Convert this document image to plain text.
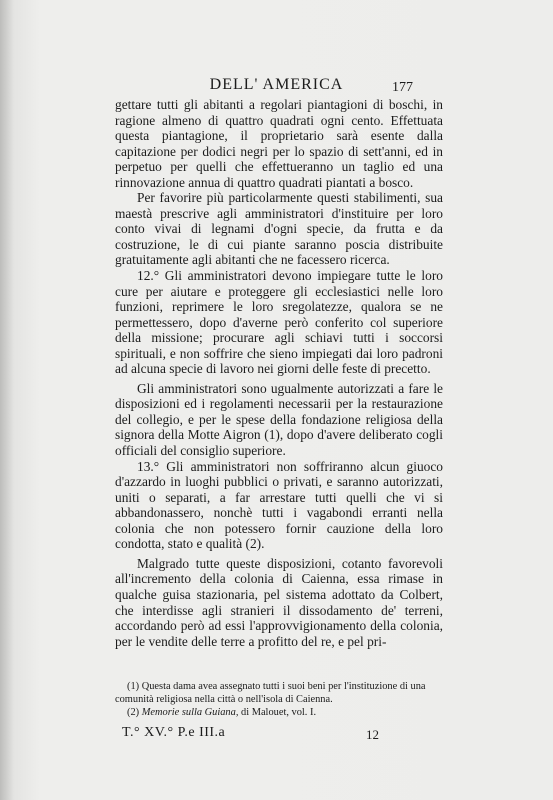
DELL' AMERICA	177

gettare tutti gli abitanti a regolari piantagioni di boschi, in ragione almeno di quattro quadrati ogni cento. Effettuata questa piantagione, il proprietario sarà esente dalla capitazione per dodici negri per lo spazio di sett'anni, ed in perpetuo per quelli che effettueranno un taglio ed una rinnovazione annua di quattro quadrati piantati a bosco.

Per favorire più particolarmente questi stabilimenti, sua maestà prescrive agli amministratori d'instituire per loro conto vivai di legnami d'ogni specie, da frutta e da costruzione, le di cui piante saranno poscia distribuite gratuitamente agli abitanti che ne facessero ricerca.

12.° Gli amministratori devono impiegare tutte le loro cure per aiutare e proteggere gli ecclesiastici nelle loro funzioni, reprimere le loro sregolatezze, qualora se ne permettessero, dopo d'averne però conferito col superiore della missione; procurare agli schiavi tutti i soccorsi spirituali, e non soffrire che sieno impiegati dai loro padroni ad alcuna specie di lavoro nei giorni delle feste di precetto.

Gli amministratori sono ugualmente autorizzati a fare le disposizioni ed i regolamenti necessarii per la restaurazione del collegio, e per le spese della fondazione religiosa della signora della Motte Aigron (1), dopo d'avere deliberato cogli officiali del consiglio superiore.

13.° Gli amministratori non soffriranno alcun giuoco d'azzardo in luoghi pubblici o privati, e saranno autorizzati, uniti o separati, a far arrestare tutti quelli che vi si abbandonassero, nonchè tutti i vagabondi erranti nella colonia che non potessero fornir cauzione della loro condotta, stato e qualità (2).

Malgrado tutte queste disposizioni, cotanto favorevoli all'incremento della colonia di Caienna, essa rimase in qualche guisa stazionaria, pel sistema adottato da Colbert, che interdisse agli stranieri il dissodamento de' terreni, accordando però ad essi l'approvvigionamento della colonia, per le vendite delle terre a profitto del re, e pel pri-

(1) Questa dama avea assegnato tutti i suoi beni per l'instituzione di una comunità religiosa nella città o nell'isola di Caienna.

(2) Memorie sulla Guiana, di Malouet, vol. I.

T.° XV.° P.e III.a	12
